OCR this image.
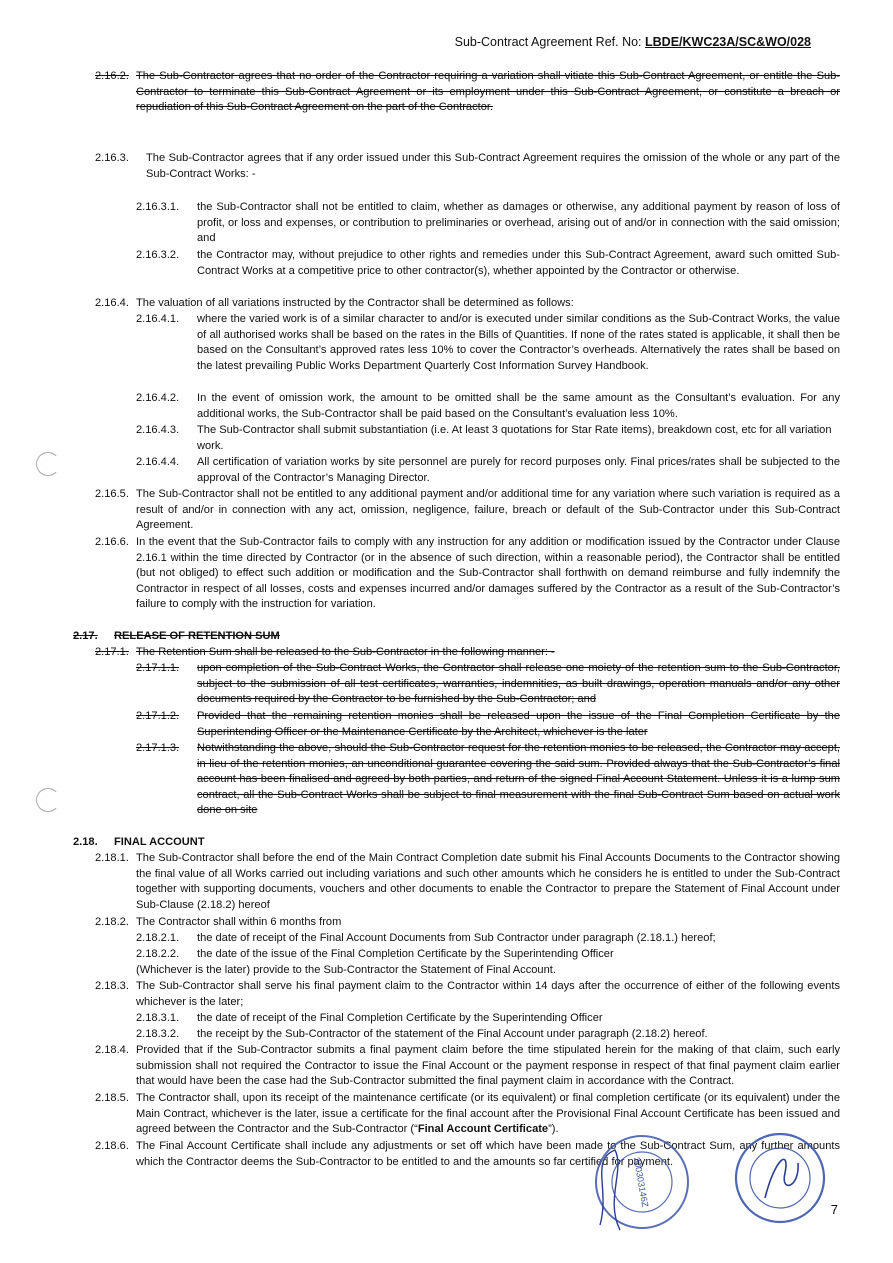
Sub-Contract Agreement Ref. No: LBDE/KWC23A/SC&WO/028
2.16.2. The Sub-Contractor agrees that no order of the Contractor requiring a variation shall vitiate this Sub-Contract Agreement, or entitle the Sub-Contractor to terminate this Sub-Contract Agreement or its employment under this Sub-Contract Agreement, or constitute a breach or repudiation of this Sub-Contract Agreement on the part of the Contractor.
2.16.3. The Sub-Contractor agrees that if any order issued under this Sub-Contract Agreement requires the omission of the whole or any part of the Sub-Contract Works: -
2.16.3.1. the Sub-Contractor shall not be entitled to claim, whether as damages or otherwise, any additional payment by reason of loss of profit, or loss and expenses, or contribution to preliminaries or overhead, arising out of and/or in connection with the said omission; and
2.16.3.2. the Contractor may, without prejudice to other rights and remedies under this Sub-Contract Agreement, award such omitted Sub-Contract Works at a competitive price to other contractor(s), whether appointed by the Contractor or otherwise.
2.16.4. The valuation of all variations instructed by the Contractor shall be determined as follows:
2.16.4.1. where the varied work is of a similar character to and/or is executed under similar conditions as the Sub-Contract Works, the value of all authorised works shall be based on the rates in the Bills of Quantities. If none of the rates stated is applicable, it shall then be based on the Consultant’s approved rates less 10% to cover the Contractor’s overheads. Alternatively the rates shall be based on the latest prevailing Public Works Department Quarterly Cost Information Survey Handbook.
2.16.4.2. In the event of omission work, the amount to be omitted shall be the same amount as the Consultant’s evaluation. For any additional works, the Sub-Contractor shall be paid based on the Consultant’s evaluation less 10%.
2.16.4.3. The Sub-Contractor shall submit substantiation (i.e. At least 3 quotations for Star Rate items), breakdown cost, etc for all variation work.
2.16.4.4. All certification of variation works by site personnel are purely for record purposes only. Final prices/rates shall be subjected to the approval of the Contractor’s Managing Director.
2.16.5. The Sub-Contractor shall not be entitled to any additional payment and/or additional time for any variation where such variation is required as a result of and/or in connection with any act, omission, negligence, failure, breach or default of the Sub-Contractor under this Sub-Contract Agreement.
2.16.6. In the event that the Sub-Contractor fails to comply with any instruction for any addition or modification issued by the Contractor under Clause 2.16.1 within the time directed by Contractor (or in the absence of such direction, within a reasonable period), the Contractor shall be entitled (but not obliged) to effect such addition or modification and the Sub-Contractor shall forthwith on demand reimburse and fully indemnify the Contractor in respect of all losses, costs and expenses incurred and/or damages suffered by the Contractor as a result of the Sub-Contractor’s failure to comply with the instruction for variation.
2.17. RELEASE OF RETENTION SUM
2.17.1. The Retention Sum shall be released to the Sub-Contractor in the following manner: -
2.17.1.1. upon completion of the Sub-Contract Works, the Contractor shall release one moiety of the retention sum to the Sub-Contractor, subject to the submission of all test certificates, warranties, indemnities, as built drawings, operation manuals and/or any other documents required by the Contractor to be furnished by the Sub-Contractor; and
2.17.1.2. Provided that the remaining retention monies shall be released upon the issue of the Final Completion Certificate by the Superintending Officer or the Maintenance Certificate by the Architect, whichever is the later
2.17.1.3. Notwithstanding the above, should the Sub-Contractor request for the retention monies to be released, the Contractor may accept, in lieu of the retention monies, an unconditional guarantee covering the said sum. Provided always that the Sub-Contractor’s final account has been finalised and agreed by both parties, and return of the signed Final Account Statement. Unless it is a lump sum contract, all the Sub-Contract Works shall be subject to final measurement with the final Sub-Contract Sum based on actual work done on site
2.18. FINAL ACCOUNT
2.18.1. The Sub-Contractor shall before the end of the Main Contract Completion date submit his Final Accounts Documents to the Contractor showing the final value of all Works carried out including variations and such other amounts which he considers he is entitled to under the Sub-Contract together with supporting documents, vouchers and other documents to enable the Contractor to prepare the Statement of Final Account under Sub-Clause (2.18.2) hereof
2.18.2. The Contractor shall within 6 months from
2.18.2.1. the date of receipt of the Final Account Documents from Sub Contractor under paragraph (2.18.1.) hereof;
2.18.2.2. the date of the issue of the Final Completion Certificate by the Superintending Officer
(Whichever is the later) provide to the Sub-Contractor the Statement of Final Account.
2.18.3. The Sub-Contractor shall serve his final payment claim to the Contractor within 14 days after the occurrence of either of the following events whichever is the later;
2.18.3.1. the date of receipt of the Final Completion Certificate by the Superintending Officer
2.18.3.2. the receipt by the Sub-Contractor of the statement of the Final Account under paragraph (2.18.2) hereof.
2.18.4. Provided that if the Sub-Contractor submits a final payment claim before the time stipulated herein for the making of that claim, such early submission shall not required the Contractor to issue the Final Account or the payment response in respect of that final payment claim earlier that would have been the case had the Sub-Contractor submitted the final payment claim in accordance with the Contract.
2.18.5. The Contractor shall, upon its receipt of the maintenance certificate (or its equivalent) or final completion certificate (or its equivalent) under the Main Contract, whichever is the later, issue a certificate for the final account after the Provisional Final Account Certificate has been issued and agreed between the Contractor and the Sub-Contractor (“Final Account Certificate”).
2.18.6. The Final Account Certificate shall include any adjustments or set off which have been made to the Sub-Contract Sum, any further amounts which the Contractor deems the Sub-Contractor to be entitled to and the amounts so far certified for payment.
200303146Z
7
